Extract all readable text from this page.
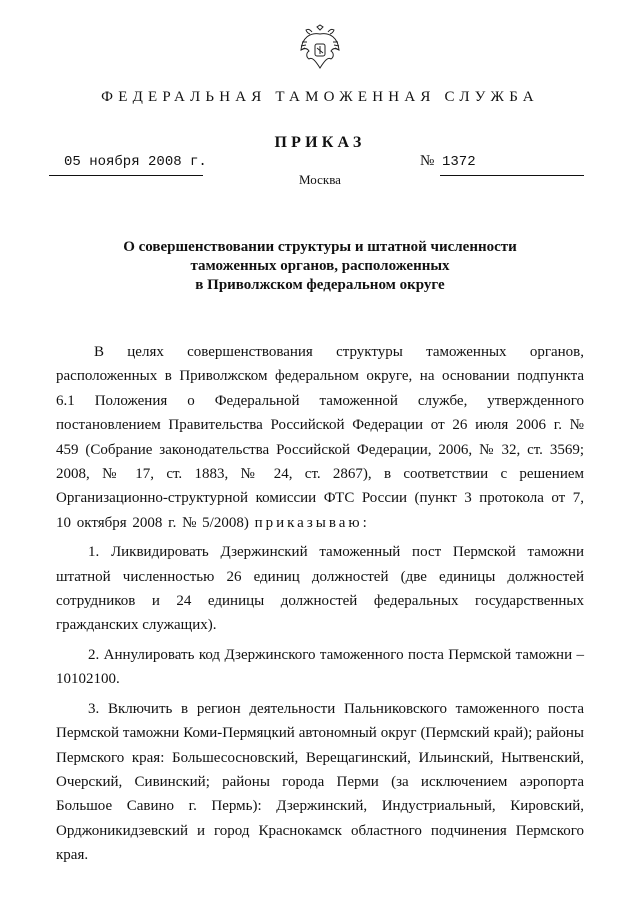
ФЕДЕРАЛЬНАЯ ТАМОЖЕННАЯ СЛУЖБА
ПРИКАЗ
05 ноября 2008 г.	№ 1372
Москва
О совершенствовании структуры и штатной численности
таможенных органов, расположенных
в Приволжском федеральном округе

В целях совершенствования структуры таможенных органов, расположенных в Приволжском федеральном округе, на основании подпункта 6.1 Положения о Федеральной таможенной службе, утвержденного постановлением Правительства Российской Федерации от 26 июля 2006 г. № 459 (Собрание законодательства Российской Федерации, 2006, № 32, ст. 3569; 2008, № 17, ст. 1883, № 24, ст. 2867), в соответствии с решением Организационно-структурной комиссии ФТС России (пункт 3 протокола от 7, 10 октября 2008 г. № 5/2008) приказываю:

1. Ликвидировать Дзержинский таможенный пост Пермской таможни штатной численностью 26 единиц должностей (две единицы должностей сотрудников и 24 единицы должностей федеральных государственных гражданских служащих).

2. Аннулировать код Дзержинского таможенного поста Пермской таможни – 10102100.

3. Включить в регион деятельности Пальниковского таможенного поста Пермской таможни Коми-Пермяцкий автономный округ (Пермский край); районы Пермского края: Большесосновский, Верещагинский, Ильинский, Нытвенский, Очерский, Сивинский; районы города Перми (за исключением аэропорта Большое Савино г. Пермь): Дзержинский, Индустриальный, Кировский, Орджоникидзевский и город Краснокамск областного подчинения Пермского края.
